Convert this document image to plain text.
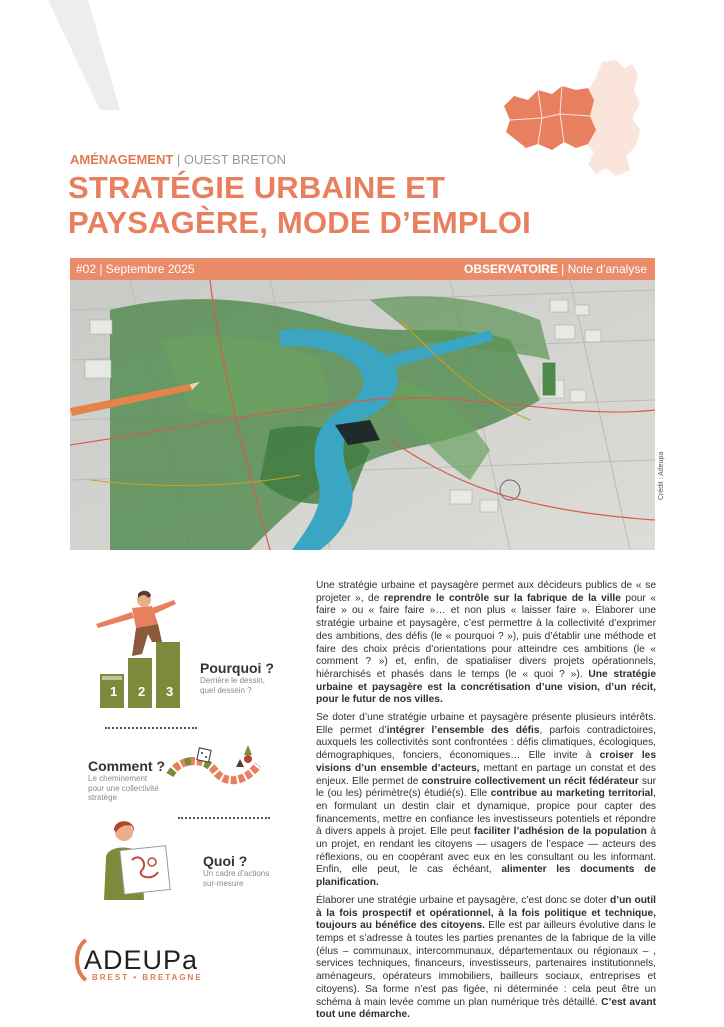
AMÉNAGEMENT | OUEST BRETON
STRATÉGIE URBAINE ET
PAYSAGÈRE, MODE D’EMPLOI
#02 | Septembre 2025	OBSERVATOIRE | Note d’analyse
Crédit : Adeupa
1 2 3
Pourquoi ?
Derrière le dessin, quel dessein ?
Comment ?
Le cheminement pour une collectivité stratège
Quoi ?
Un cadre d’actions sur-mesure
ADEUPa
BREST • BRETAGNE

Une stratégie urbaine et paysagère permet aux décideurs publics de « se projeter », de reprendre le contrôle sur la fabrique de la ville pour « faire » ou « faire faire »… et non plus « laisser faire ». Élaborer une stratégie urbaine et paysagère, c’est permettre à la collectivité d’exprimer des ambitions, des défis (le « pourquoi ? »), puis d’établir une méthode et faire des choix précis d’orientations pour atteindre ces ambitions (le « comment ? ») et, enfin, de spatialiser divers projets opérationnels, hiérarchisés et phasés dans le temps (le « quoi ? »). Une stratégie urbaine et paysagère est la concrétisation d’une vision, d’un récit, pour le futur de nos villes.

Se doter d’une stratégie urbaine et paysagère présente plusieurs intérêts. Elle permet d’intégrer l’ensemble des défis, parfois contradictoires, auxquels les collectivités sont confrontées : défis climatiques, écologiques, démographiques, fonciers, économiques… Elle invite à croiser les visions d’un ensemble d’acteurs, mettant en partage un constat et des enjeux. Elle permet de construire collectivement un récit fédérateur sur le (ou les) périmètre(s) étudié(s). Elle contribue au marketing territorial, en formulant un destin clair et dynamique, propice pour capter des financements, mettre en confiance les investisseurs potentiels et répondre à divers appels à projet. Elle peut faciliter l’adhésion de la population à un projet, en rendant les citoyens — usagers de l’espace — acteurs des réflexions, ou en coopérant avec eux en les consultant ou les informant. Enfin, elle peut, le cas échéant, alimenter les documents de planification.

Élaborer une stratégie urbaine et paysagère, c’est donc se doter d’un outil à la fois prospectif et opérationnel, à la fois politique et technique, toujours au bénéfice des citoyens. Elle est par ailleurs évolutive dans le temps et s’adresse à toutes les parties prenantes de la fabrique de la ville (élus – communaux, intercommunaux, départementaux ou régionaux – , services techniques, financeurs, investisseurs, partenaires institutionnels, aménageurs, opérateurs immobiliers, bailleurs sociaux, entreprises et citoyens). Sa forme n’est pas figée, ni déterminée : cela peut être un schéma à main levée comme un plan numérique très détaillé. C’est avant tout une démarche.
